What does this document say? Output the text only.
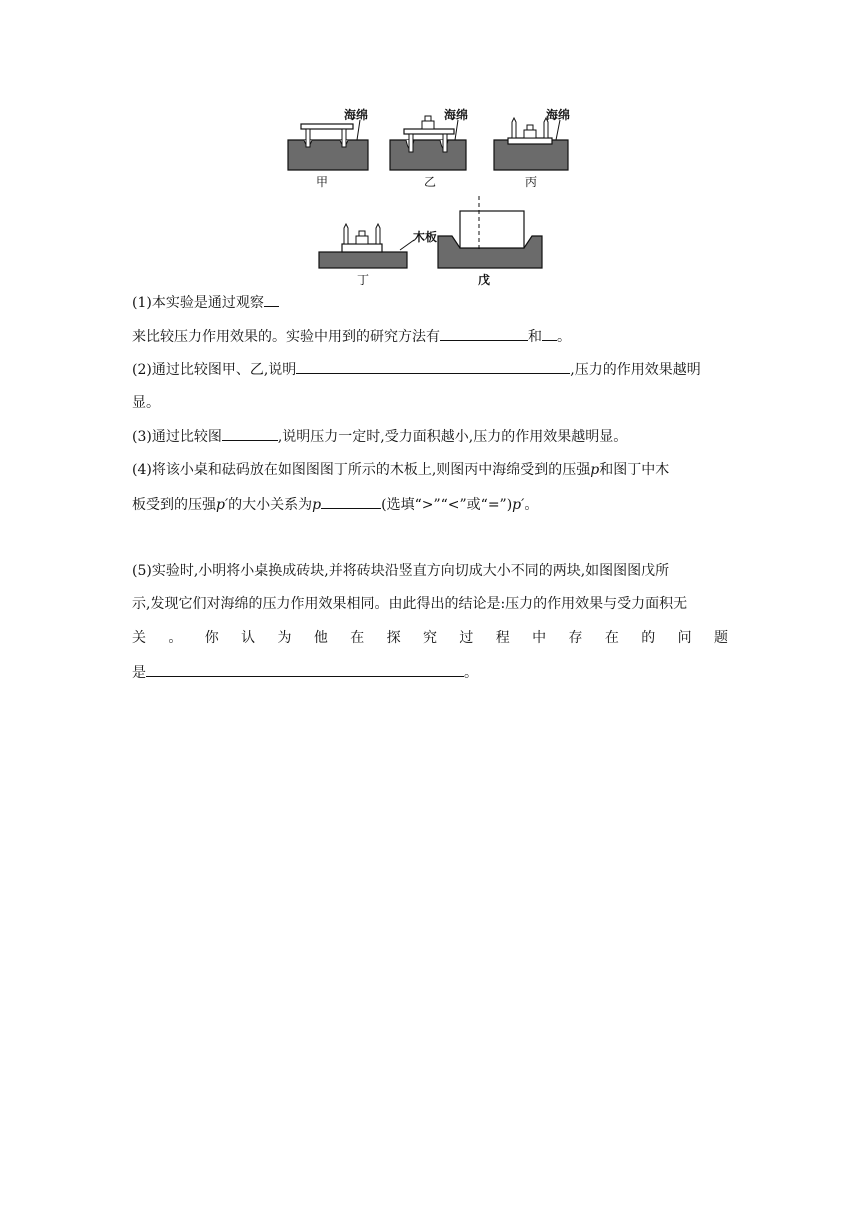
海绵
甲
海绵
乙
海绵
丙
木板
丁	戊
(1)本实验是通过观察
来比较压力作用效果的。实验中用到的研究方法有	和 。
(2)通过比较图甲、乙,说明	,压力的作用效果越明
显。
(3)通过比较图	,说明压力一定时,受力面积越小,压力的作用效果越明显。
(4)将该小桌和砝码放在如图图图丁所示的木板上,则图丙中海绵受到的压强p和图丁中木
板受到的压强p′的大小关系为p	(选填“>”“<”或“=”)p′。
(5)实验时,小明将小桌换成砖块,并将砖块沿竖直方向切成大小不同的两块,如图图图戊所
示,发现它们对海绵的压力作用效果相同。由此得出的结论是:压力的作用效果与受力面积无
关 。 你 认 为 他 在 探 究 过 程 中 存 在 的 问 题
是	。
